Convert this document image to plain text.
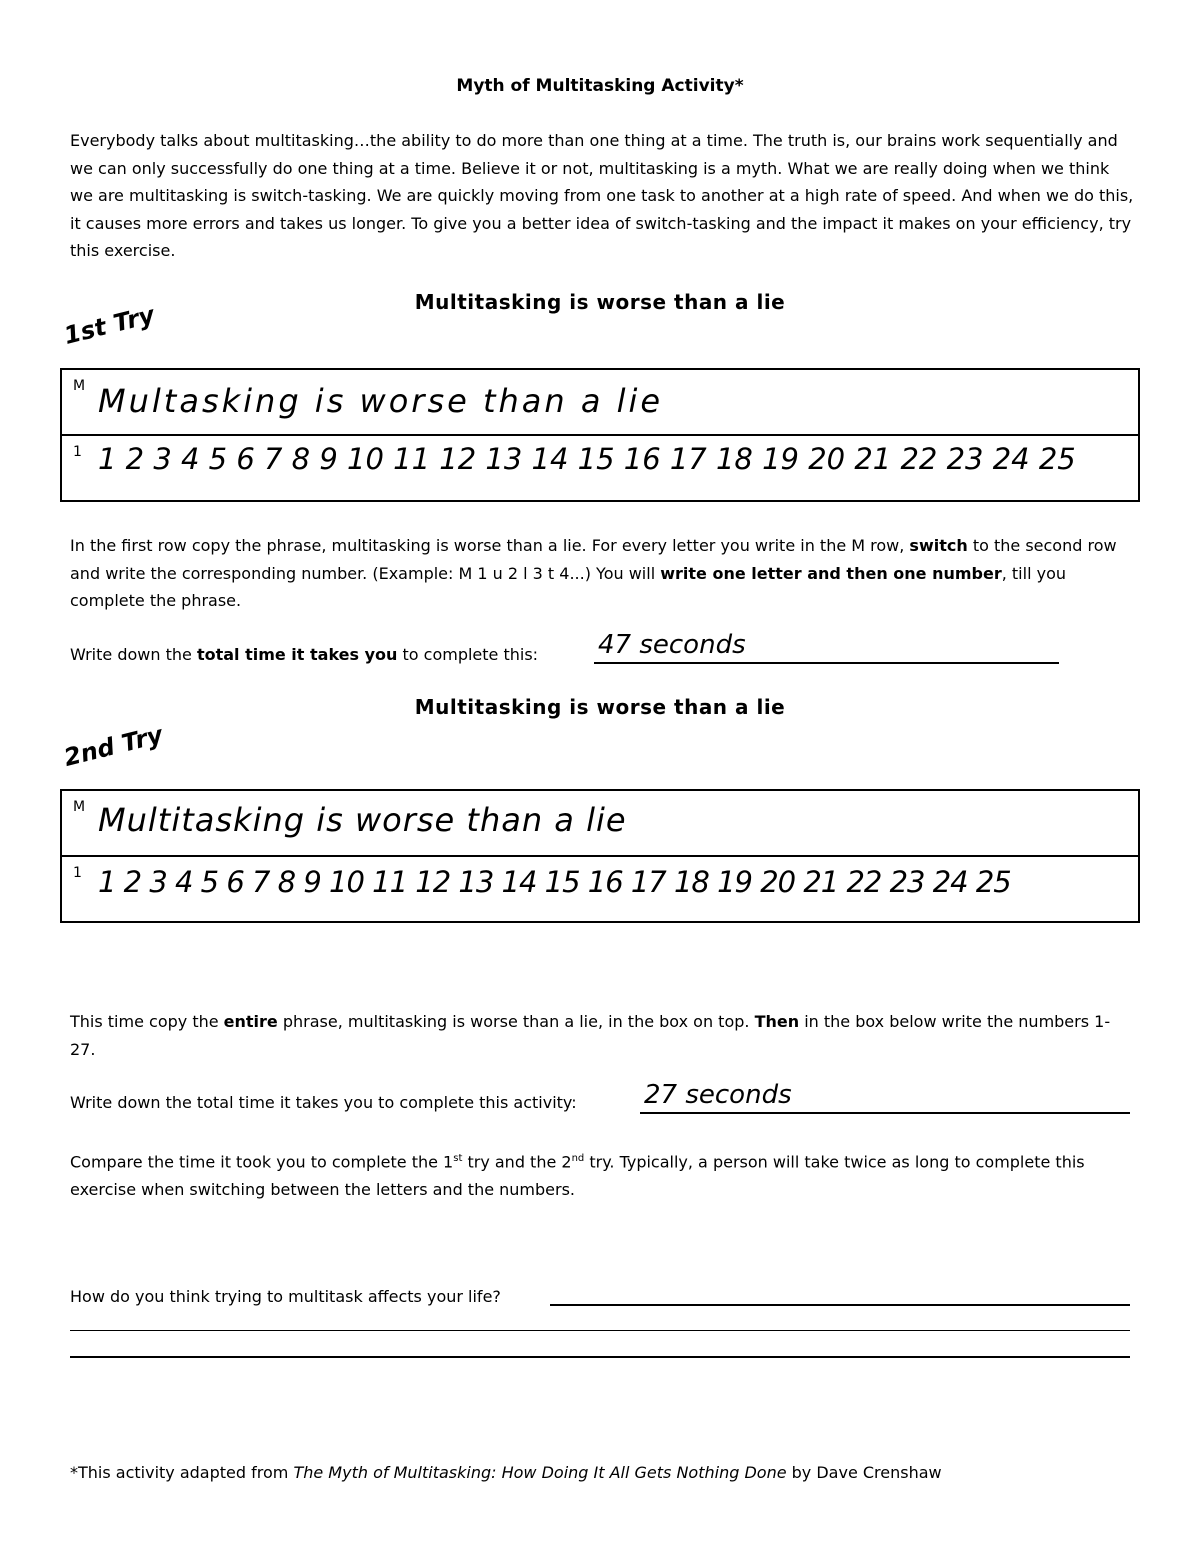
Myth of Multitasking Activity*
Everybody talks about multitasking…the ability to do more than one thing at a time. The truth is, our brains work sequentially and we can only successfully do one thing at a time. Believe it or not, multitasking is a myth. What we are really doing when we think we are multitasking is switch-tasking. We are quickly moving from one task to another at a high rate of speed. And when we do this, it causes more errors and takes us longer. To give you a better idea of switch-tasking and the impact it makes on your efficiency, try this exercise.
Multitasking is worse than a lie
1st Try
M Multasking is worse than a lie
1 1 2 3 4 5 6 7 8 9 10 11 12 13 14 15 16 17 18 19 20 21 22 23 24 25
In the first row copy the phrase, multitasking is worse than a lie. For every letter you write in the M row, switch to the second row and write the corresponding number. (Example: M 1 u 2 l 3 t 4...) You will write one letter and then one number, till you complete the phrase.
Write down the total time it takes you to complete this: 47 seconds
Multitasking is worse than a lie
2nd Try
M Multitasking is worse than a lie
1 1 2 3 4 5 6 7 8 9 10 11 12 13 14 15 16 17 18 19 20 21 22 23 24 25
This time copy the entire phrase, multitasking is worse than a lie, in the box on top. Then in the box below write the numbers 1-27.
Write down the total time it takes you to complete this activity:	27 seconds
Compare the time it took you to complete the 1st try and the 2nd try. Typically, a person will take twice as long to complete this exercise when switching between the letters and the numbers.
How do you think trying to multitask affects your life?
*This activity adapted from The Myth of Multitasking: How Doing It All Gets Nothing Done by Dave Crenshaw
